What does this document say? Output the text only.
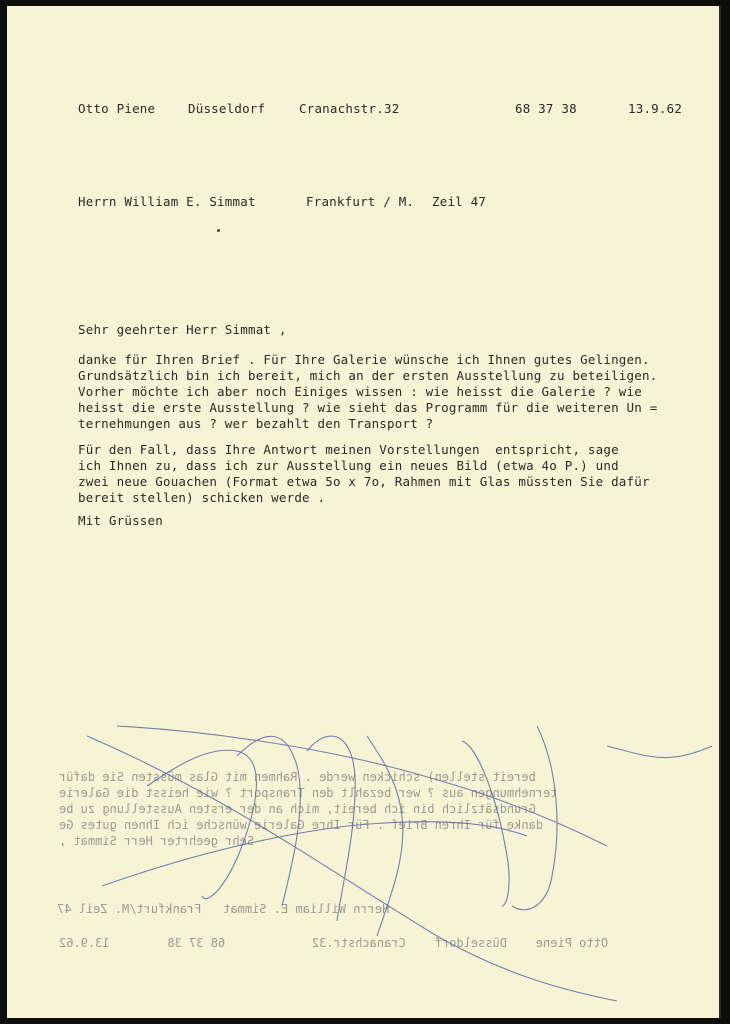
Otto Piene	Düsseldorf	Cranachstr.32	68 37 38	13.9.62
Herrn William E. Simmat	Frankfurt / M. Zeil 47
Sehr geehrter Herr Simmat ,
danke für Ihren Brief . Für Ihre Galerie wünsche ich Ihnen gutes Gelingen.
Grundsätzlich bin ich bereit, mich an der ersten Ausstellung zu beteiligen.
Vorher möchte ich aber noch Einiges wissen : wie heisst die Galerie ? wie
heisst die erste Ausstellung ? wie sieht das Programm für die weiteren Un =
ternehmungen aus ? wer bezahlt den Transport ?
Für den Fall, dass Ihre Antwort meinen Vorstellungen  entspricht, sage
ich Ihnen zu, dass ich zur Ausstellung ein neues Bild (etwa 4o P.) und
zwei neue Gouachen (Format etwa 5o x 7o, Rahmen mit Glas müssten Sie dafür
bereit stellen) schicken werde .
Mit Grüssen
bereit stellen) schicken werde . Rahmen mit Glas müssten Sie dafür
ternehmungen aus ? wer bezahlt den Transport ? wie heisst die Galerie
Grundsätzlich bin ich bereit, mich an der ersten Ausstellung zu be
danke für Ihren Brief . Für Ihre Galerie wünsche ich Ihnen gutes Ge
Sehr geehrter Herr Simmat ,
Herrn William E. Simmat   Frankfurt/M. Zeil 47
Otto Piene    Düsseldorf    Cranachstr.32            68 37 38        13.9.62
